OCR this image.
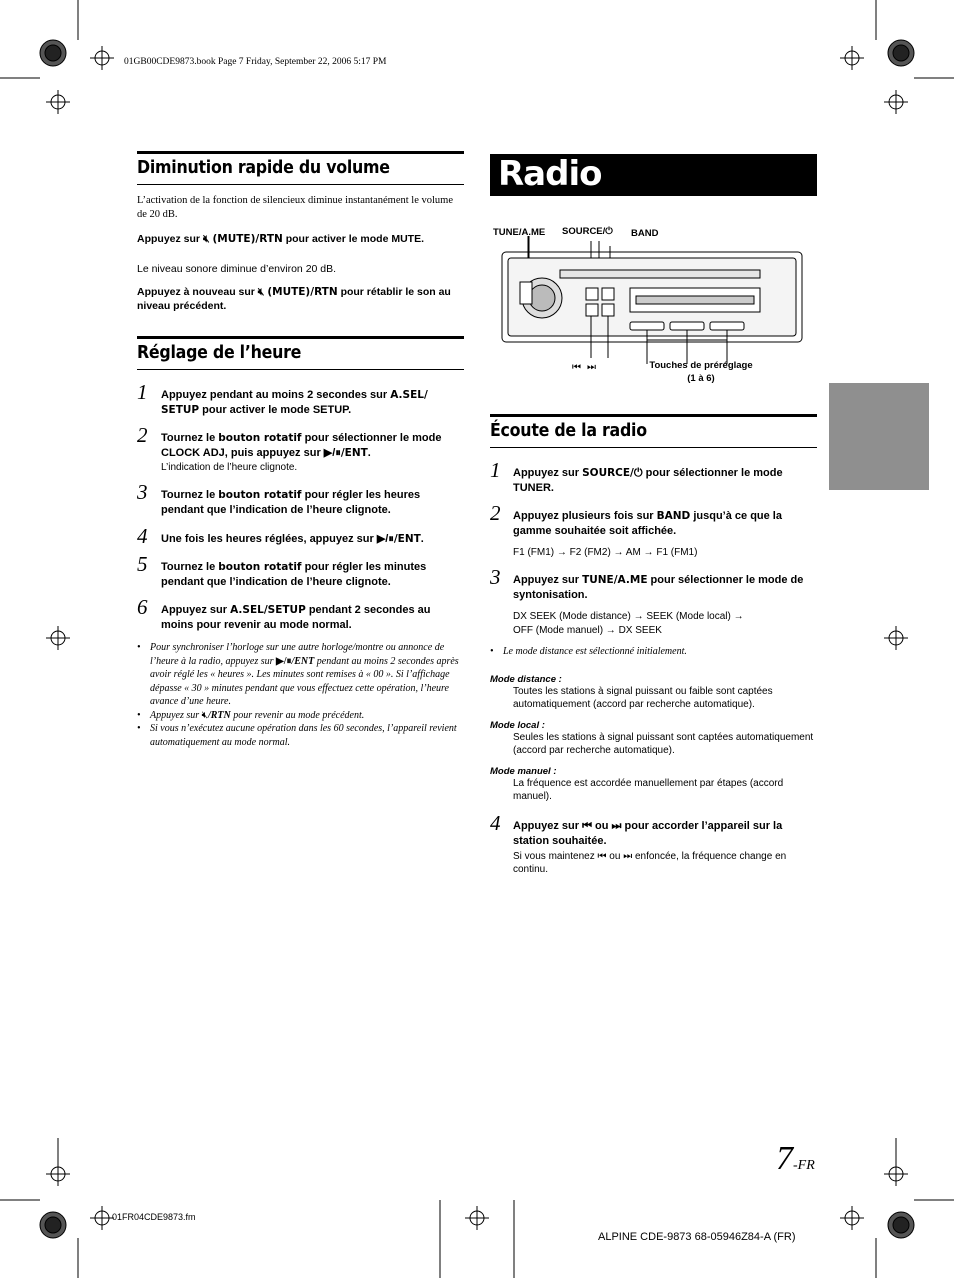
01GB00CDE9873.book Page 7 Friday, September 22, 2006 5:17 PM
Diminution rapide du volume
L’activation de la fonction de silencieux diminue instantanément le volume de 20 dB.
Appuyez sur 🔇︎ (MUTE)/RTN pour activer le mode MUTE.
Le niveau sonore diminue d’environ 20 dB.
Appuyez à nouveau sur 🔇︎ (MUTE)/RTN pour rétablir le son au niveau précédent.
Réglage de l’heure
1 Appuyez pendant au moins 2 secondes sur A.SEL/ SETUP pour activer le mode SETUP.
2 Tournez le bouton rotatif pour sélectionner le mode CLOCK ADJ, puis appuyez sur ▶/⏸/ENT.
L’indication de l’heure clignote.
3 Tournez le bouton rotatif pour régler les heures pendant que l’indication de l’heure clignote.
4 Une fois les heures réglées, appuyez sur ▶/⏸/ENT.
5 Tournez le bouton rotatif pour régler les minutes pendant que l’indication de l’heure clignote.
6 Appuyez sur A.SEL/SETUP pendant 2 secondes au moins pour revenir au mode normal.
• Pour synchroniser l’horloge sur une autre horloge/montre ou annonce de l’heure à la radio, appuyez sur ▶/⏸/ENT pendant au moins 2 secondes après avoir réglé les « heures ». Les minutes sont remises à « 00 ». Si l’affichage dépasse « 30 » minutes pendant que vous effectuez cette opération, l’heure avance d’une heure.
• Appuyez sur 🔇︎/RTN pour revenir au mode précédent.
• Si vous n’exécutez aucune opération dans les 60 secondes, l’appareil revient automatiquement au mode normal.
Radio
TUNE/A.ME SOURCE/⏻ BAND
⏮ ⏭	Touches de préréglage
(1 à 6)
Écoute de la radio
1 Appuyez sur SOURCE/⏻ pour sélectionner le mode TUNER.
2 Appuyez plusieurs fois sur BAND jusqu’à ce que la gamme souhaitée soit affichée.
F1 (FM1) → F2 (FM2) → AM → F1 (FM1)
3 Appuyez sur TUNE/A.ME pour sélectionner le mode de syntonisation.
DX SEEK (Mode distance) → SEEK (Mode local) →
OFF (Mode manuel) → DX SEEK
• Le mode distance est sélectionné initialement.
Mode distance :
Toutes les stations à signal puissant ou faible sont captées automatiquement (accord par recherche automatique).
Mode local :
Seules les stations à signal puissant sont captées automatiquement (accord par recherche automatique).
Mode manuel :
La fréquence est accordée manuellement par étapes (accord manuel).
4 Appuyez sur ⏮ ou ⏭ pour accorder l’appareil sur la station souhaitée.
Si vous maintenez ⏮ ou ⏭ enfoncée, la fréquence change en continu.
7-FR
01FR04CDE9873.fm
ALPINE CDE-9873 68-05946Z84-A (FR)
